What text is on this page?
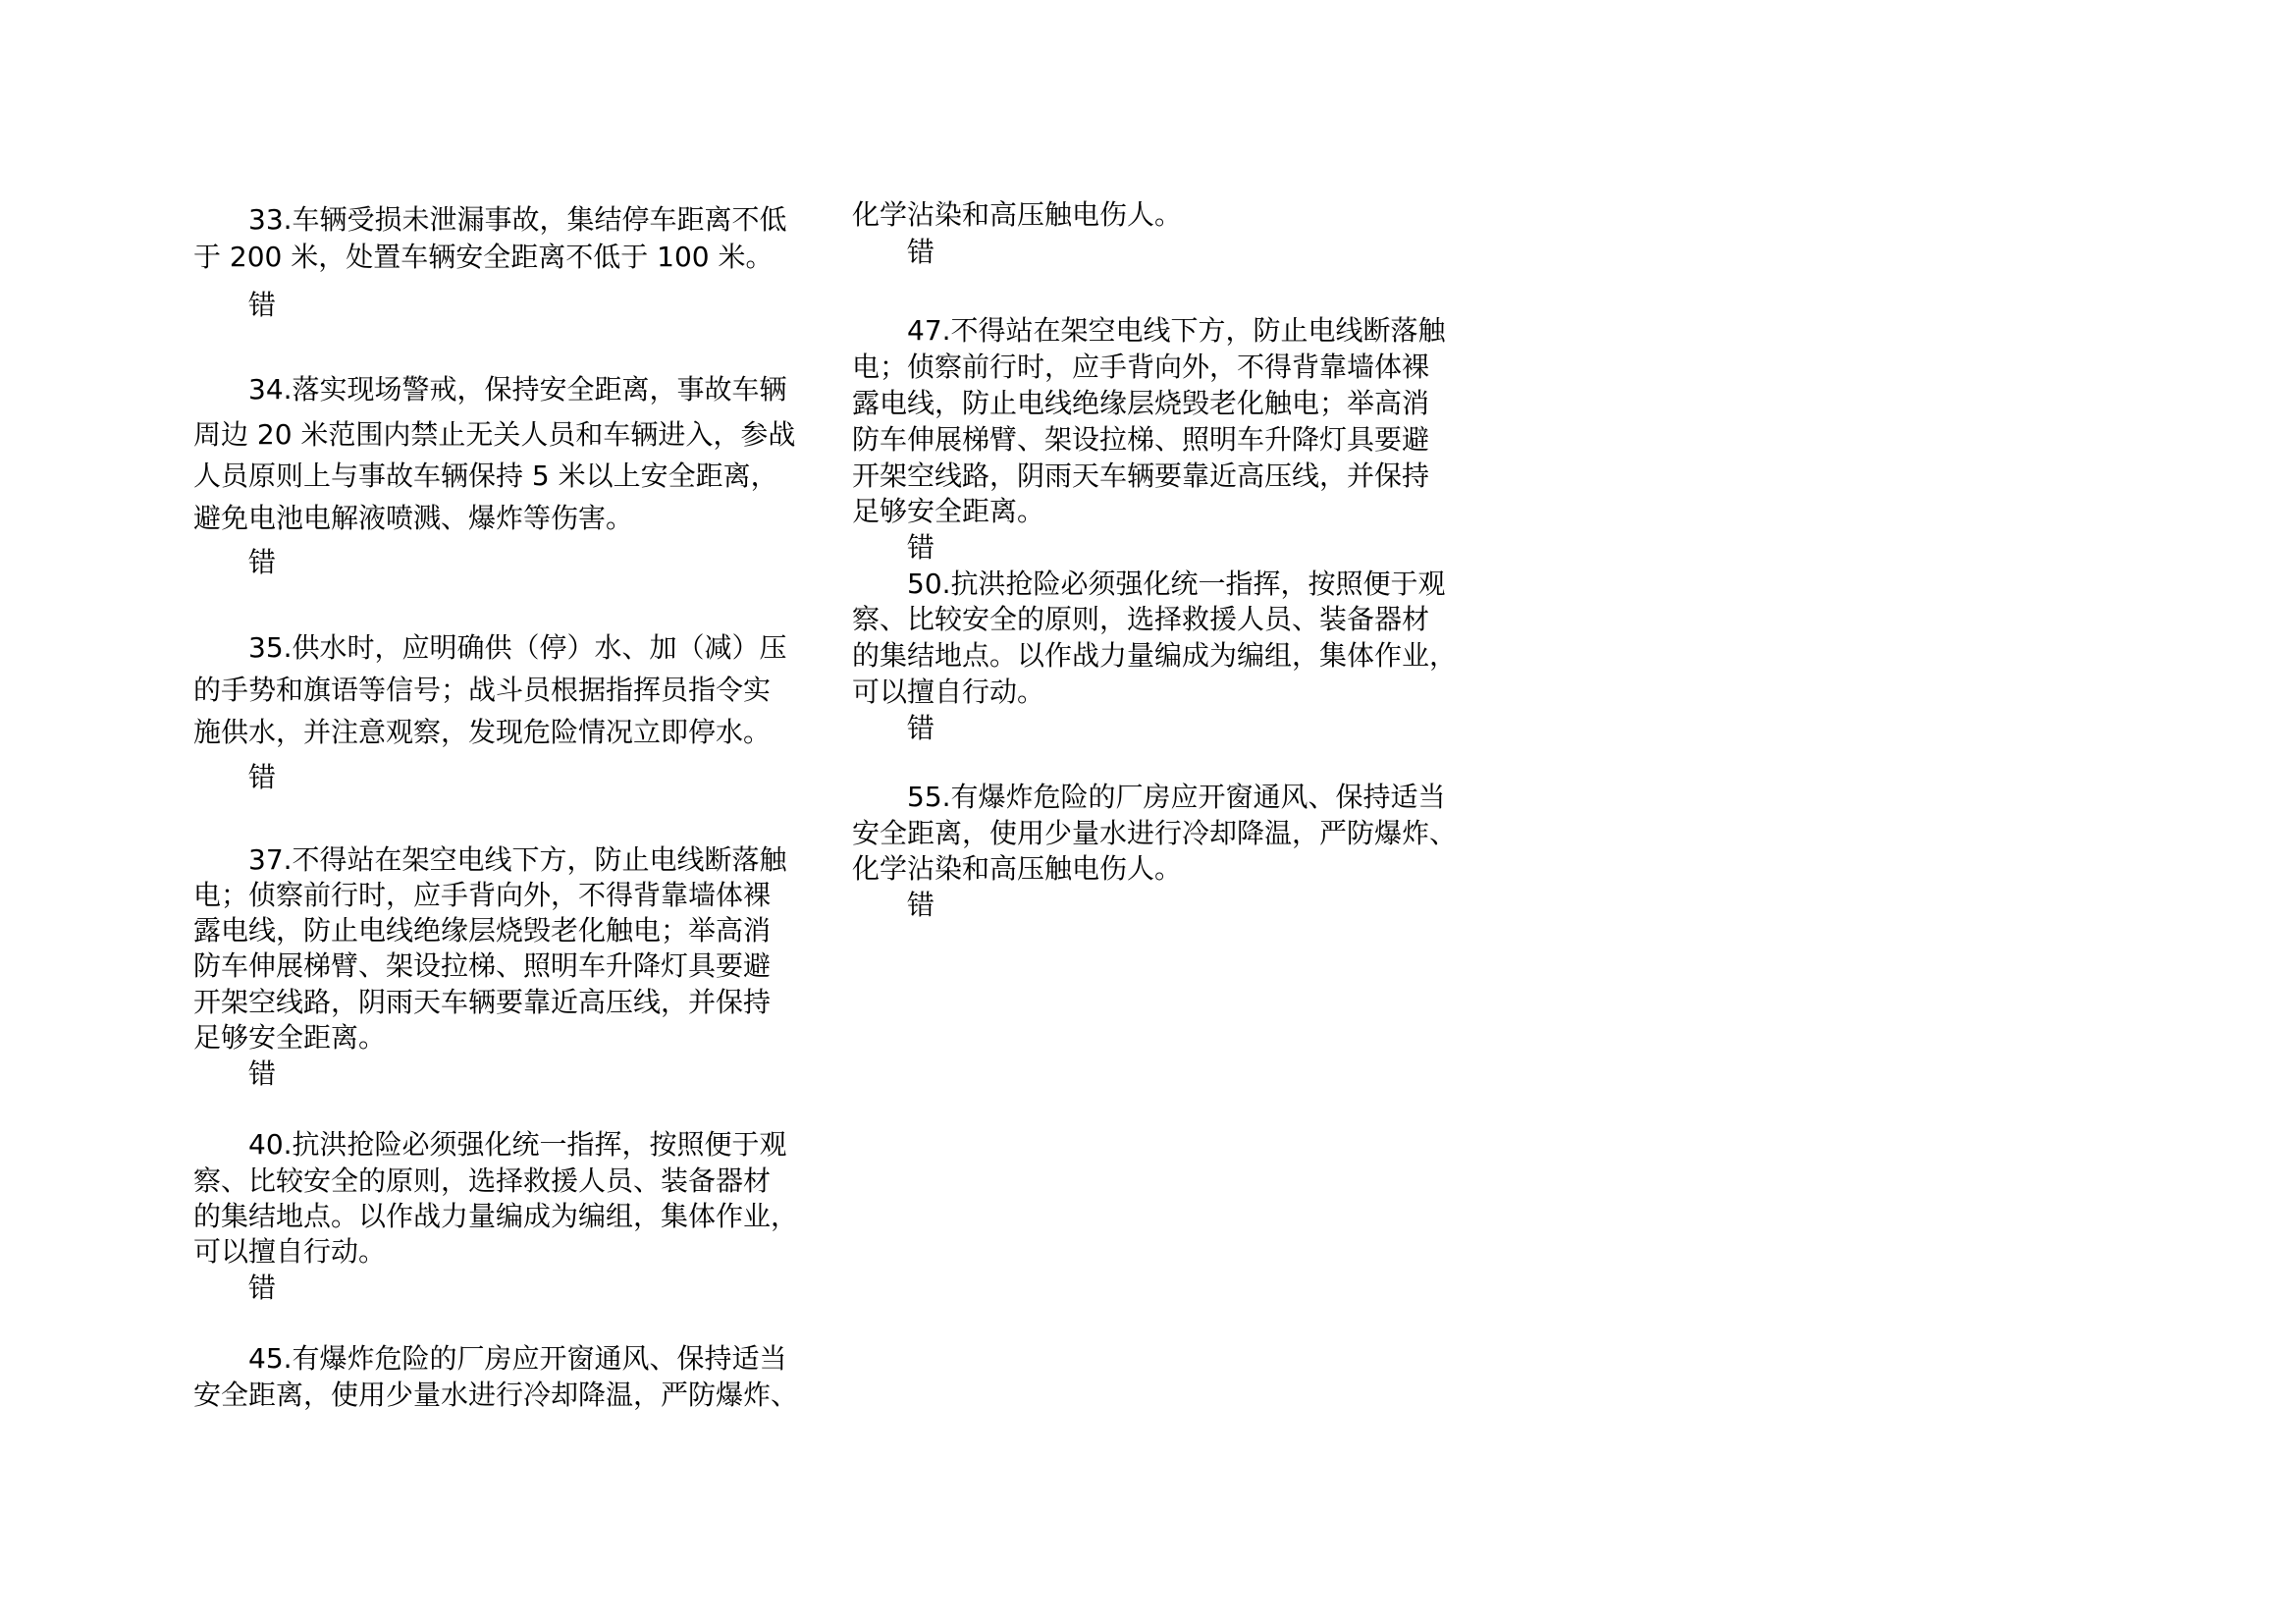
33.车辆受损未泄漏事故，集结停车距离不低
于 200 米，处置车辆安全距离不低于 100 米。
错
34.落实现场警戒，保持安全距离，事故车辆
周边 20 米范围内禁止无关人员和车辆进入，参战
人员原则上与事故车辆保持 5 米以上安全距离，
避免电池电解液喷溅、爆炸等伤害。
错
35.供水时，应明确供（停）水、加（减）压
的手势和旗语等信号；战斗员根据指挥员指令实
施供水，并注意观察，发现危险情况立即停水。
错
37.不得站在架空电线下方，防止电线断落触
电；侦察前行时，应手背向外，不得背靠墙体裸
露电线，防止电线绝缘层烧毁老化触电；举高消
防车伸展梯臂、架设拉梯、照明车升降灯具要避
开架空线路，阴雨天车辆要靠近高压线，并保持
足够安全距离。
错
40.抗洪抢险必须强化统一指挥，按照便于观
察、比较安全的原则，选择救援人员、装备器材
的集结地点。以作战力量编成为编组，集体作业，
可以擅自行动。
错
45.有爆炸危险的厂房应开窗通风、保持适当
安全距离，使用少量水进行冷却降温，严防爆炸、
化学沾染和高压触电伤人。
错
47.不得站在架空电线下方，防止电线断落触
电；侦察前行时，应手背向外，不得背靠墙体裸
露电线，防止电线绝缘层烧毁老化触电；举高消
防车伸展梯臂、架设拉梯、照明车升降灯具要避
开架空线路，阴雨天车辆要靠近高压线，并保持
足够安全距离。
错
50.抗洪抢险必须强化统一指挥，按照便于观
察、比较安全的原则，选择救援人员、装备器材
的集结地点。以作战力量编成为编组，集体作业，
可以擅自行动。
错
55.有爆炸危险的厂房应开窗通风、保持适当
安全距离，使用少量水进行冷却降温，严防爆炸、
化学沾染和高压触电伤人。
错
